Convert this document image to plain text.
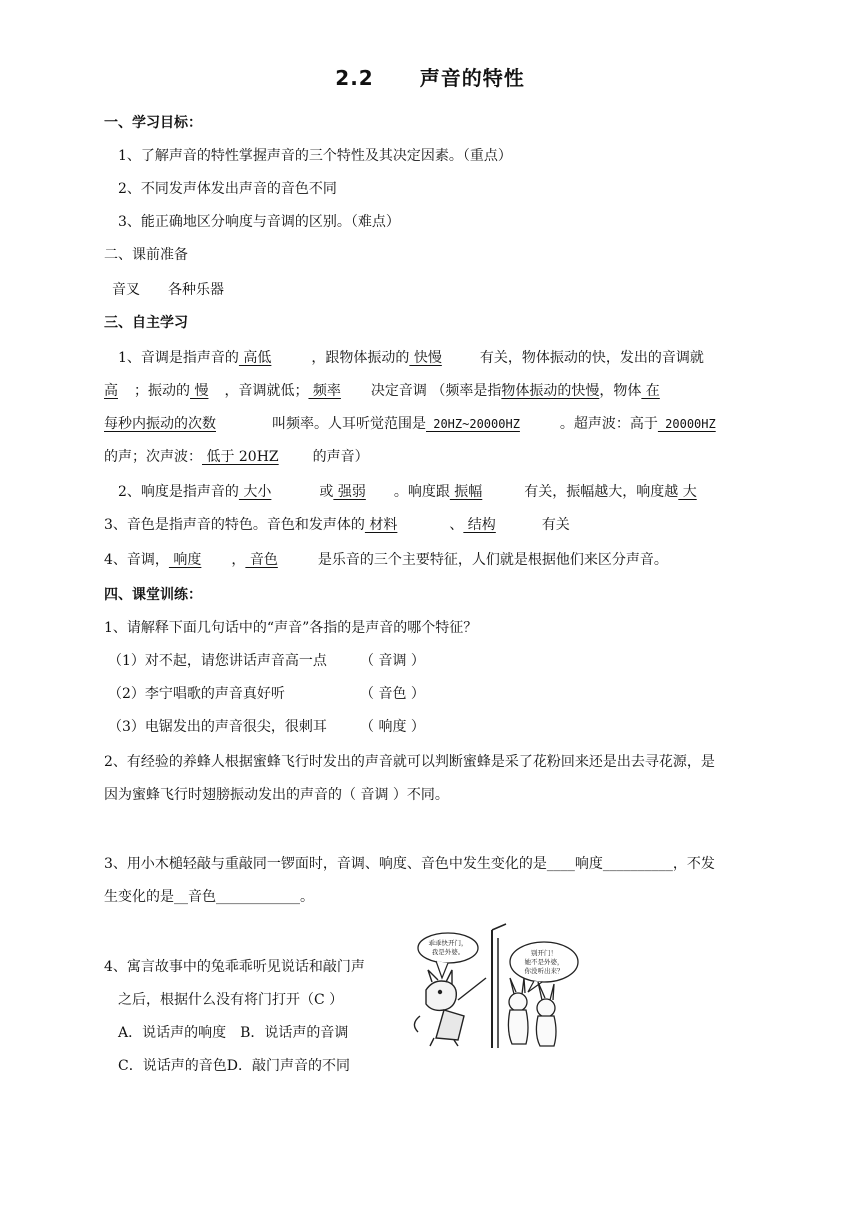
2.2 声音的特性
一、学习目标：
1、了解声音的特性掌握声音的三个特性及其决定因素。（重点）
2、不同发声体发出声音的音色不同
3、能正确地区分响度与音调的区别。（难点）
二、课前准备
音叉 各种乐器
三、自主学习
1、音调是指声音的 高低	，跟物体振动的 快慢	有关，物体振动的快，发出的音调就
高 ；振动的 慢 ，音调就低； 频率 决定音调 （频率是指物体振动的快慢，物体 在
每秒内振动的次数	叫频率。人耳听觉范围是 20HZ~20000HZ	。超声波：高于 20000HZ
的声；次声波： 低于 20HZ 的声音）
2、响度是指声音的 大小	或 强弱 。响度跟 振幅	有关，振幅越大，响度越 大
3、音色是指声音的特色。音色和发声体的 材料	、 结构	有关
4、音调， 响度 ， 音色	是乐音的三个主要特征，人们就是根据他们来区分声音。
四、课堂训练：
1、请解释下面几句话中的“声音”各指的是声音的哪个特征？
（1）对不起，请您讲话声音高一点 （ 音调 ）
（2）李宁唱歌的声音真好听	（ 音色 ）
（3）电锯发出的声音很尖，很刺耳 （ 响度 ）
2、有经验的养蜂人根据蜜蜂飞行时发出的声音就可以判断蜜蜂是采了花粉回来还是出去寻花源，是
因为蜜蜂飞行时翅膀振动发出的声音的（ 音调 ）不同。
3、用小木槌轻敲与重敲同一锣面时，音调、响度、音色中发生变化的是____响度__________，不发
生变化的是__音色____________。
4、寓言故事中的兔乖乖听见说话和敲门声
之后，根据什么没有将门打开（C ）
A．说话声的响度 B．说话声的音调
C．说话声的音色D．敲门声音的不同
乖乖快开门，
我是外婆。	别开门！
她不是外婆，
你没听出来？
